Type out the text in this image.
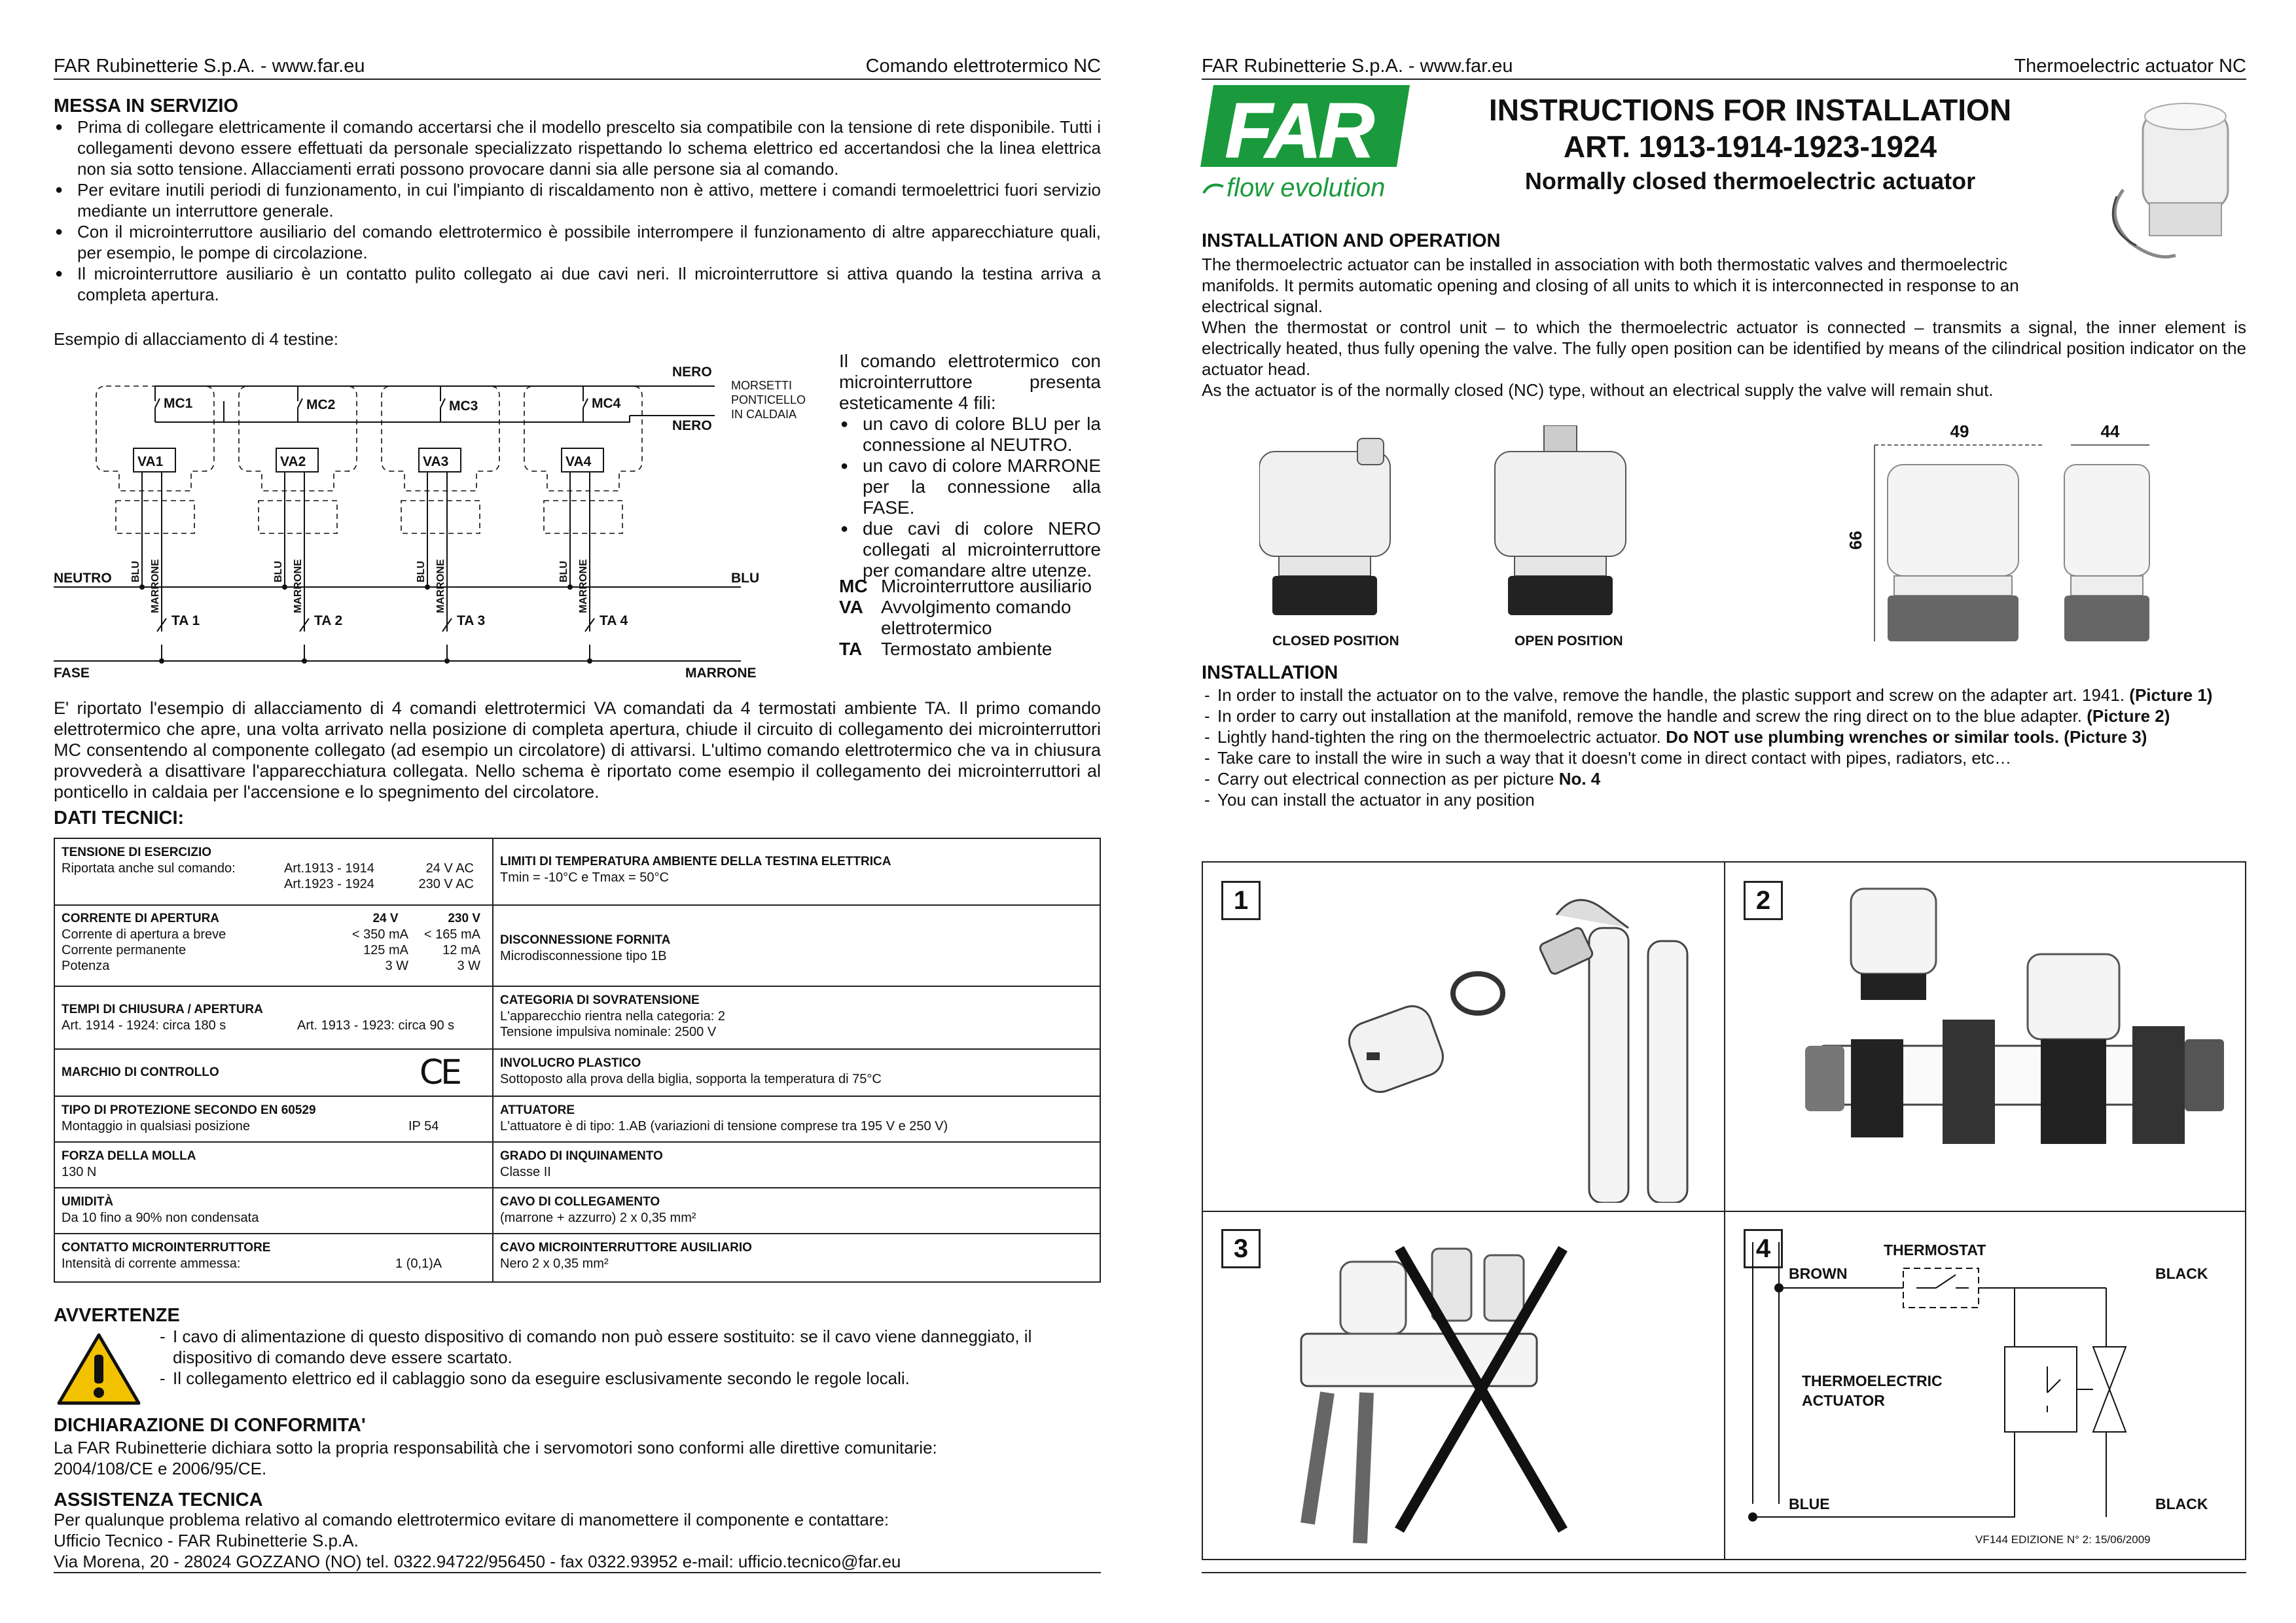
FAR Rubinetterie S.p.A. - www.far.eu	Comando elettrotermico NC
MESSA IN SERVIZIO
● Prima di collegare elettricamente il comando accertarsi che il modello prescelto sia compatibile con la tensione di rete disponibile. Tutti i collegamenti devono essere effettuati da personale specializzato rispettando lo schema elettrico ed accertandosi che la linea elettrica non sia sotto tensione. Allacciamenti errati possono provocare danni sia alle persone sia al comando.
● Per evitare inutili periodi di funzionamento, in cui l'impianto di riscaldamento non è attivo, mettere i comandi termoelettrici fuori servizio mediante un interruttore generale.
● Con il microinterruttore ausiliario del comando elettrotermico è possibile interrompere il funzionamento di altre apparecchiature quali, per esempio, le pompe di circolazione.
● Il microinterruttore ausiliario è un contatto pulito collegato ai due cavi neri. Il microinterruttore si attiva quando la testina arriva a completa apertura.
Esempio di allacciamento di 4 testine:
MC1	MC2	MC3	MC4
VA1	VA2	VA3	VA4
TA 1	TA 2	TA 3	TA 4
NERO
NERO
NEUTRO
FASE
BLU
MARRONE
MORSETTI
PONTICELLO
IN CALDAIA
BLU MARRONE	BLU MARRONE	BLU MARRONE	BLU MARRONE
Il comando elettrotermico con microinterruttore presenta esteticamente 4 fili:
● un cavo di colore BLU per la connessione al NEUTRO.
● un cavo di colore MARRONE per la connessione alla FASE.
● due cavi di colore NERO collegati al microinterruttore per comandare altre utenze.
MC Microinterruttore ausiliario
VA Avvolgimento comando elettrotermico
TA	Termostato ambiente
E' riportato l'esempio di allacciamento di 4 comandi elettrotermici VA comandati da 4 termostati ambiente TA. Il primo comando elettrotermico che apre, una volta arrivato nella posizione di completa apertura, chiude il circuito di collegamento dei microinterruttori MC consentendo al componente collegato (ad esempio un circolatore) di attivarsi. L'ultimo comando elettrotermico che va in chiusura provvederà a disattivare l'apparecchiatura collegata. Nello schema è riportato come esempio il collegamento dei microinterruttori al ponticello in caldaia per l'accensione e lo spegnimento del circolatore.
DATI TECNICI:
TENSIONE DI ESERCIZIO
Riportata anche sul comando:	Art.1913 - 1914	24 V AC
Art.1923 - 1924	230 V AC
LIMITI DI TEMPERATURA AMBIENTE DELLA TESTINA ELETTRICA
Tmin = -10°C e Tmax = 50°C
CORRENTE DI APERTURA	24 V	230 V
Corrente di apertura a breve	< 350 mA	< 165 mA
Corrente permanente	125 mA	12 mA
Potenza	3 W	3 W
DISCONNESSIONE FORNITA
Microdisconnessione tipo 1B
TEMPI DI CHIUSURA / APERTURA
Art. 1914 - 1924: circa 180 s	Art. 1913 - 1923: circa 90 s
CATEGORIA DI SOVRATENSIONE
L'apparecchio rientra nella categoria: 2
Tensione impulsiva nominale: 2500 V
MARCHIO DI CONTROLLO	CE	INVOLUCRO PLASTICO
Sottoposto alla prova della biglia, sopporta la temperatura di 75°C
TIPO DI PROTEZIONE SECONDO EN 60529
Montaggio in qualsiasi posizione	IP 54
ATTUATORE
L'attuatore è di tipo: 1.AB (variazioni di tensione comprese tra 195 V e 250 V)
FORZA DELLA MOLLA
130 N
GRADO DI INQUINAMENTO
Classe II
UMIDITÀ
Da 10 fino a 90% non condensata
CAVO DI COLLEGAMENTO
(marrone + azzurro) 2 x 0,35 mm²
CONTATTO MICROINTERRUTTORE
Intensità di corrente ammessa:	1 (0,1)A
CAVO MICROINTERRUTTORE AUSILIARIO
Nero 2 x 0,35 mm²
AVVERTENZE
- I cavo di alimentazione di questo dispositivo di comando non può essere sostituito: se il cavo viene danneggiato, il dispositivo di comando deve essere scartato.
- Il collegamento elettrico ed il cablaggio sono da eseguire esclusivamente secondo le regole locali.
DICHIARAZIONE DI CONFORMITA'
La FAR Rubinetterie dichiara sotto la propria responsabilità che i servomotori sono conformi alle direttive comunitarie: 2004/108/CE e 2006/95/CE.
ASSISTENZA TECNICA
Per qualunque problema relativo al comando elettrotermico evitare di manomettere il componente e contattare:
Ufficio Tecnico - FAR Rubinetterie S.p.A.
Via Morena, 20 - 28024 GOZZANO (NO) tel. 0322.94722/956450 - fax 0322.93952 e-mail: ufficio.tecnico@far.eu
FAR Rubinetterie S.p.A. - www.far.eu	Thermoelectric actuator NC
FAR
flow evolution
INSTRUCTIONS FOR INSTALLATION
ART. 1913-1914-1923-1924
Normally closed thermoelectric actuator
INSTALLATION AND OPERATION
The thermoelectric actuator can be installed in association with both thermostatic valves and thermoelectric manifolds. It permits automatic opening and closing of all units to which it is interconnected in response to an electrical signal.
When the thermostat or control unit – to which the thermoelectric actuator is connected – transmits a signal, the inner element is electrically heated, thus fully opening the valve. The fully open position can be identified by means of the cilindrical position indicator on the actuator head.
As the actuator is of the normally closed (NC) type, without an electrical supply the valve will remain shut.
49	44
66
CLOSED POSITION	OPEN POSITION
INSTALLATION
- In order to install the actuator on to the valve, remove the handle, the plastic support and screw on the adapter art. 1941. (Picture 1)
- In order to carry out installation at the manifold, remove the handle and screw the ring direct on to the blue adapter. (Picture 2)
- Lightly hand-tighten the ring on the thermoelectric actuator. Do NOT use plumbing wrenches or similar tools. (Picture 3)
- Take care to install the wire in such a way that it doesn't come in direct contact with pipes, radiators, etc…
- Carry out electrical connection as per picture No. 4
- You can install the actuator in any position
1	2
3	4	THERMOSTAT
BROWN	BLACK
THERMOELECTRIC
ACTUATOR
BLUE	BLACK
VF144 EDIZIONE N° 2: 15/06/2009
